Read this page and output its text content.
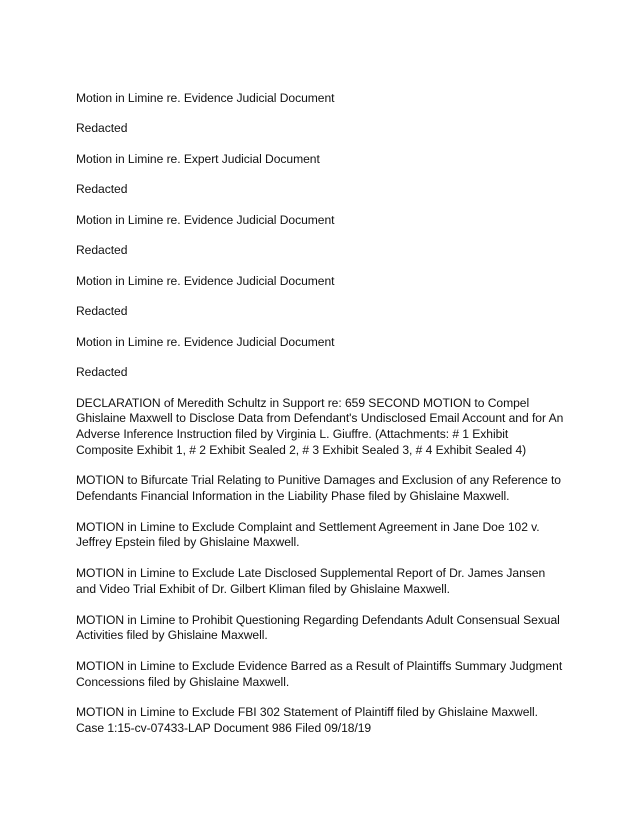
Motion in Limine re. Evidence Judicial Document

Redacted

Motion in Limine re. Expert Judicial Document

Redacted

Motion in Limine re. Evidence Judicial Document

Redacted

Motion in Limine re. Evidence Judicial Document

Redacted

Motion in Limine re. Evidence Judicial Document

Redacted

DECLARATION of Meredith Schultz in Support re: 659 SECOND MOTION to Compel Ghislaine Maxwell to Disclose Data from Defendant's Undisclosed Email Account and for An Adverse Inference Instruction filed by Virginia L. Giuffre. (Attachments: # 1 Exhibit Composite Exhibit 1, # 2 Exhibit Sealed 2, # 3 Exhibit Sealed 3, # 4 Exhibit Sealed 4)

MOTION to Bifurcate Trial Relating to Punitive Damages and Exclusion of any Reference to Defendants Financial Information in the Liability Phase filed by Ghislaine Maxwell.

MOTION in Limine to Exclude Complaint and Settlement Agreement in Jane Doe 102 v. Jeffrey Epstein filed by Ghislaine Maxwell.

MOTION in Limine to Exclude Late Disclosed Supplemental Report of Dr. James Jansen and Video Trial Exhibit of Dr. Gilbert Kliman filed by Ghislaine Maxwell.

MOTION in Limine to Prohibit Questioning Regarding Defendants Adult Consensual Sexual Activities filed by Ghislaine Maxwell.

MOTION in Limine to Exclude Evidence Barred as a Result of Plaintiffs Summary Judgment Concessions filed by Ghislaine Maxwell.

MOTION in Limine to Exclude FBI 302 Statement of Plaintiff filed by Ghislaine Maxwell. Case 1:15-cv-07433-LAP Document 986 Filed 09/18/19
